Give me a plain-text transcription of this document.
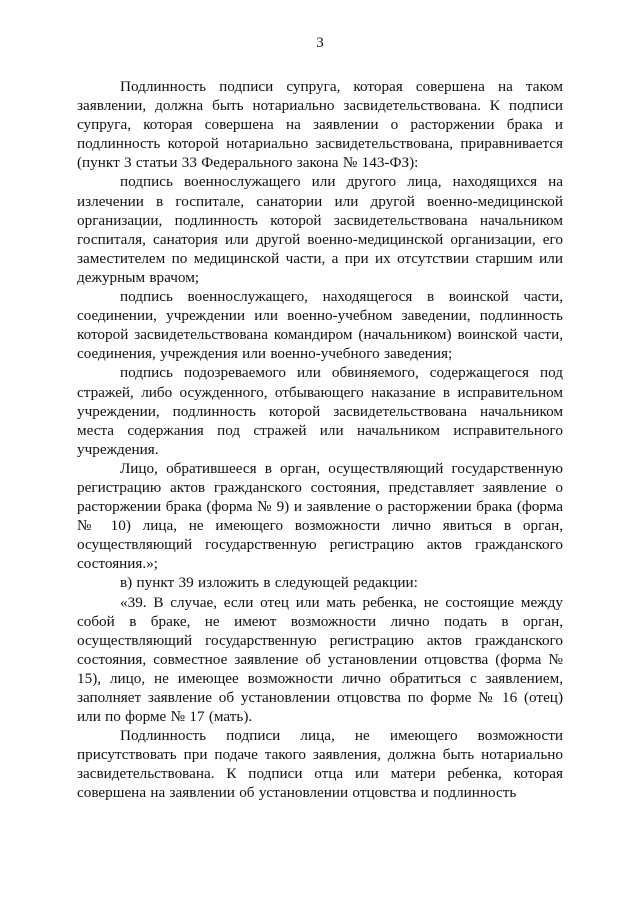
3

Подлинность подписи супруга, которая совершена на таком заявлении, должна быть нотариально засвидетельствована. К подписи супруга, которая совершена на заявлении о расторжении брака и подлинность которой нотариально засвидетельствована, приравнивается (пункт 3 статьи 33 Федерального закона № 143-ФЗ):

подпись военнослужащего или другого лица, находящихся на излечении в госпитале, санатории или другой военно-медицинской организации, подлинность которой засвидетельствована начальником госпиталя, санатория или другой военно-медицинской организации, его заместителем по медицинской части, а при их отсутствии старшим или дежурным врачом;

подпись военнослужащего, находящегося в воинской части, соединении, учреждении или военно-учебном заведении, подлинность которой засвидетельствована командиром (начальником) воинской части, соединения, учреждения или военно-учебного заведения;

подпись подозреваемого или обвиняемого, содержащегося под стражей, либо осужденного, отбывающего наказание в исправительном учреждении, подлинность которой засвидетельствована начальником места содержания под стражей или начальником исправительного учреждения.

Лицо, обратившееся в орган, осуществляющий государственную регистрацию актов гражданского состояния, представляет заявление о расторжении брака (форма № 9) и заявление о расторжении брака (форма № 10) лица, не имеющего возможности лично явиться в орган, осуществляющий государственную регистрацию актов гражданского состояния.»;

в) пункт 39 изложить в следующей редакции:

«39. В случае, если отец или мать ребенка, не состоящие между собой в браке, не имеют возможности лично подать в орган, осуществляющий государственную регистрацию актов гражданского состояния, совместное заявление об установлении отцовства (форма № 15), лицо, не имеющее возможности лично обратиться с заявлением, заполняет заявление об установлении отцовства по форме № 16 (отец) или по форме № 17 (мать).

Подлинность подписи лица, не имеющего возможности присутствовать при подаче такого заявления, должна быть нотариально засвидетельствована. К подписи отца или матери ребенка, которая совершена на заявлении об установлении отцовства и подлинность
